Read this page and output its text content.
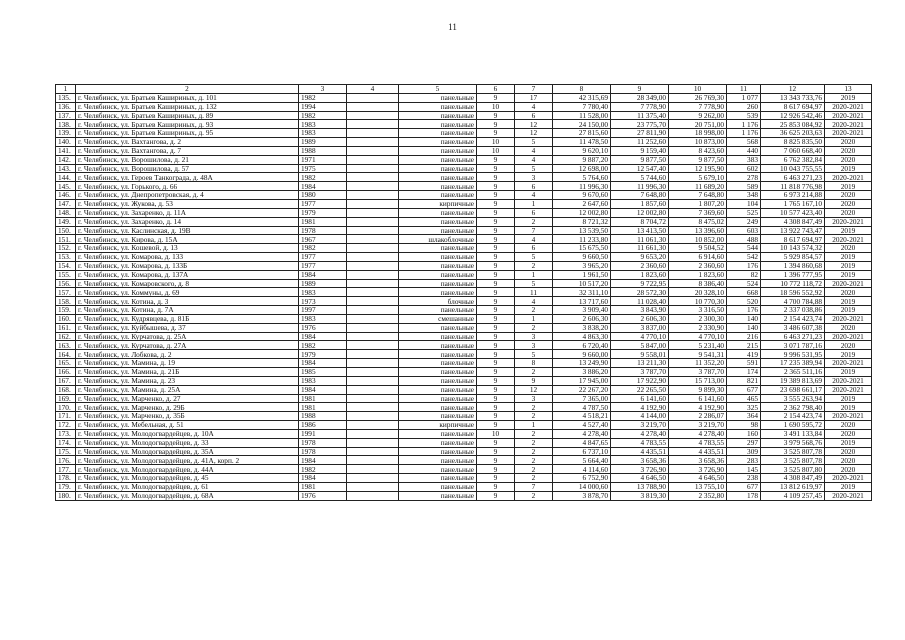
11
1	2	3	4	5	6	7	8	9	10	11	12	13
135.	г. Челябинск, ул. Братьев Кашириных, д. 101	1982		панельные	9	17	42 315,69	28 349,00	26 769,30	1 077	13 343 733,76	2019
136.	г. Челябинск, ул. Братьев Кашириных, д. 132	1994		панельные	10	4	7 780,40	7 778,90	7 778,90	260	8 617 694,97	2020-2021
137.	г. Челябинск, ул. Братьев Кашириных, д. 89	1982		панельные	9	6	11 528,00	11 375,40	9 262,00	539	12 926 542,46	2020-2021
138.	г. Челябинск, ул. Братьев Кашириных, д. 93	1983		панельные	9	12	24 150,00	23 775,70	20 751,00	1 176	25 853 084,92	2020-2021
139.	г. Челябинск, ул. Братьев Кашириных, д. 95	1983		панельные	9	12	27 815,60	27 811,90	18 998,00	1 176	36 625 203,63	2020-2021
140.	г. Челябинск, ул. Вахтангова, д. 2	1989		панельные	10	5	11 478,50	11 252,60	10 873,00	568	8 825 835,50	2020
141.	г. Челябинск, ул. Вахтангова, д. 7	1988		панельные	10	4	9 620,10	9 159,40	8 423,60	440	7 060 668,40	2020
142.	г. Челябинск, ул. Ворошилова, д. 21	1971		панельные	9	4	9 887,20	9 877,50	9 877,50	383	6 762 382,84	2020
143.	г. Челябинск, ул. Ворошилова, д. 57	1975		панельные	9	5	12 698,00	12 547,40	12 195,90	602	10 043 755,55	2019
144.	г. Челябинск, ул. Героев Танкограда, д. 48А	1982		панельные	9	3	5 764,60	5 744,60	5 679,10	278	6 463 271,23	2020-2021
145.	г. Челябинск, ул. Горького, д. 66	1984		панельные	9	6	11 996,30	11 996,30	11 689,20	589	11 818 776,98	2019
146.	г. Челябинск, ул. Днепропетровская, д. 4	1980		панельные	9	4	9 670,60	7 648,80	7 648,80	348	6 973 214,88	2020
147.	г. Челябинск, ул. Жукова, д. 53	1977		кирпичные	9	1	2 647,60	1 857,60	1 807,20	104	1 765 167,10	2020
148.	г. Челябинск, ул. Захаренко, д. 11А	1979		панельные	9	6	12 002,80	12 002,80	7 369,60	525	10 577 423,40	2020
149.	г. Челябинск, ул. Захаренко, д. 14	1981		панельные	9	2	8 721,32	8 704,72	8 475,02	249	4 308 847,49	2020-2021
150.	г. Челябинск, ул. Каслинская, д. 19В	1978		панельные	9	7	13 539,50	13 413,50	13 396,60	603	13 922 743,47	2019
151.	г. Челябинск, ул. Кирова, д. 15А	1967		шлакоблочные	9	4	11 233,80	11 061,30	10 852,00	488	8 617 694,97	2020-2021
152.	г. Челябинск, ул. Кошевой, д. 13	1982		панельные	9	6	15 675,50	11 661,30	9 504,52	544	10 143 574,32	2020
153.	г. Челябинск, ул. Комарова, д. 133	1977		панельные	9	5	9 660,50	9 653,20	6 914,60	542	5 929 854,57	2019
154.	г. Челябинск, ул. Комарова, д. 133Б	1977		панельные	9	2	3 965,20	2 360,60	2 360,60	176	1 394 860,68	2019
155.	г. Челябинск, ул. Комарова, д. 137А	1984		панельные	9	1	1 961,50	1 823,60	1 823,60	82	1 396 777,95	2019
156.	г. Челябинск, ул. Комаровского, д. 8	1989		панельные	9	5	10 517,20	9 722,95	8 386,40	524	10 772 118,72	2020-2021
157.	г. Челябинск, ул. Коммуны, д. 69	1983		панельные	9	11	32 311,10	28 572,30	20 328,10	668	18 596 552,92	2020
158.	г. Челябинск, ул. Котина, д. 3	1973		блочные	9	4	13 717,60	11 028,40	10 770,30	520	4 700 784,88	2019
159.	г. Челябинск, ул. Котина, д. 7А	1997		панельные	9	2	3 909,40	3 843,90	3 316,50	176	2 337 038,86	2019
160.	г. Челябинск, ул. Кудрявцева, д. 81Б	1983		смешанные	9	1	2 606,30	2 606,30	2 300,30	140	2 154 423,74	2020-2021
161.	г. Челябинск, ул. Куйбышева, д. 37	1976		панельные	9	2	3 838,20	3 837,00	2 330,90	140	3 486 607,38	2020
162.	г. Челябинск, ул. Курчатова, д. 25А	1984		панельные	9	3	4 863,30	4 770,10	4 770,10	216	6 463 271,23	2020-2021
163.	г. Челябинск, ул. Курчатова, д. 27А	1982		панельные	9	3	6 720,40	5 847,00	5 231,40	215	3 071 787,16	2020
164.	г. Челябинск, ул. Лобкова, д. 2	1979		панельные	9	5	9 660,00	9 558,01	9 541,31	419	9 996 531,95	2019
165.	г. Челябинск, ул. Мамина, д. 19	1984		панельные	9	8	13 249,90	13 211,30	11 352,20	591	17 235 389,94	2020-2021
166.	г. Челябинск, ул. Мамина, д. 21Б	1985		панельные	9	2	3 886,20	3 787,70	3 787,70	174	2 365 511,16	2019
167.	г. Челябинск, ул. Мамина, д. 23	1983		панельные	9	9	17 945,00	17 922,90	15 713,00	821	19 389 813,69	2020-2021
168.	г. Челябинск, ул. Мамина, д. 25А	1984		панельные	9	12	22 267,20	22 265,50	9 899,30	677	23 698 661,17	2020-2021
169.	г. Челябинск, ул. Марченко, д. 27	1981		панельные	9	3	7 365,00	6 141,60	6 141,60	465	3 555 263,94	2019
170.	г. Челябинск, ул. Марченко, д. 29Б	1981		панельные	9	2	4 787,50	4 192,90	4 192,90	325	2 362 798,40	2019
171.	г. Челябинск, ул. Марченко, д. 35Б	1988		панельные	9	2	4 518,21	4 144,00	2 286,07	364	2 154 423,74	2020-2021
172.	г. Челябинск, ул. Мебельная, д. 51	1986		кирпичные	9	1	4 527,40	3 219,70	3 219,70	98	1 690 595,72	2020
173.	г. Челябинск, ул. Молодогвардейцев, д. 10А	1991		панельные	10	2	4 278,40	4 278,40	4 278,40	160	3 491 133,84	2020
174.	г. Челябинск, ул. Молодогвардейцев, д. 33	1978		панельные	9	2	4 847,65	4 783,55	4 783,55	297	3 979 568,76	2019
175.	г. Челябинск, ул. Молодогвардейцев, д. 35А	1978		панельные	9	2	6 737,10	4 435,51	4 435,51	309	3 525 807,78	2020
176.	г. Челябинск, ул. Молодогвардейцев, д. 41А, корп. 2	1984		панельные	9	2	5 664,40	3 658,36	3 658,36	283	3 525 807,78	2020
177.	г. Челябинск, ул. Молодогвардейцев, д. 44А	1982		панельные	9	2	4 114,60	3 726,90	3 726,90	145	3 525 807,80	2020
178.	г. Челябинск, ул. Молодогвардейцев, д. 45	1984		панельные	9	2	6 752,90	4 646,50	4 646,50	238	4 308 847,49	2020-2021
179.	г. Челябинск, ул. Молодогвардейцев, д. 61	1981		панельные	9	7	14 000,60	13 788,90	13 755,10	677	13 812 619,97	2019
180.	г. Челябинск, ул. Молодогвардейцев, д. 68А	1976		панельные	9	2	3 878,70	3 819,30	2 352,80	178	4 109 257,45	2020-2021
